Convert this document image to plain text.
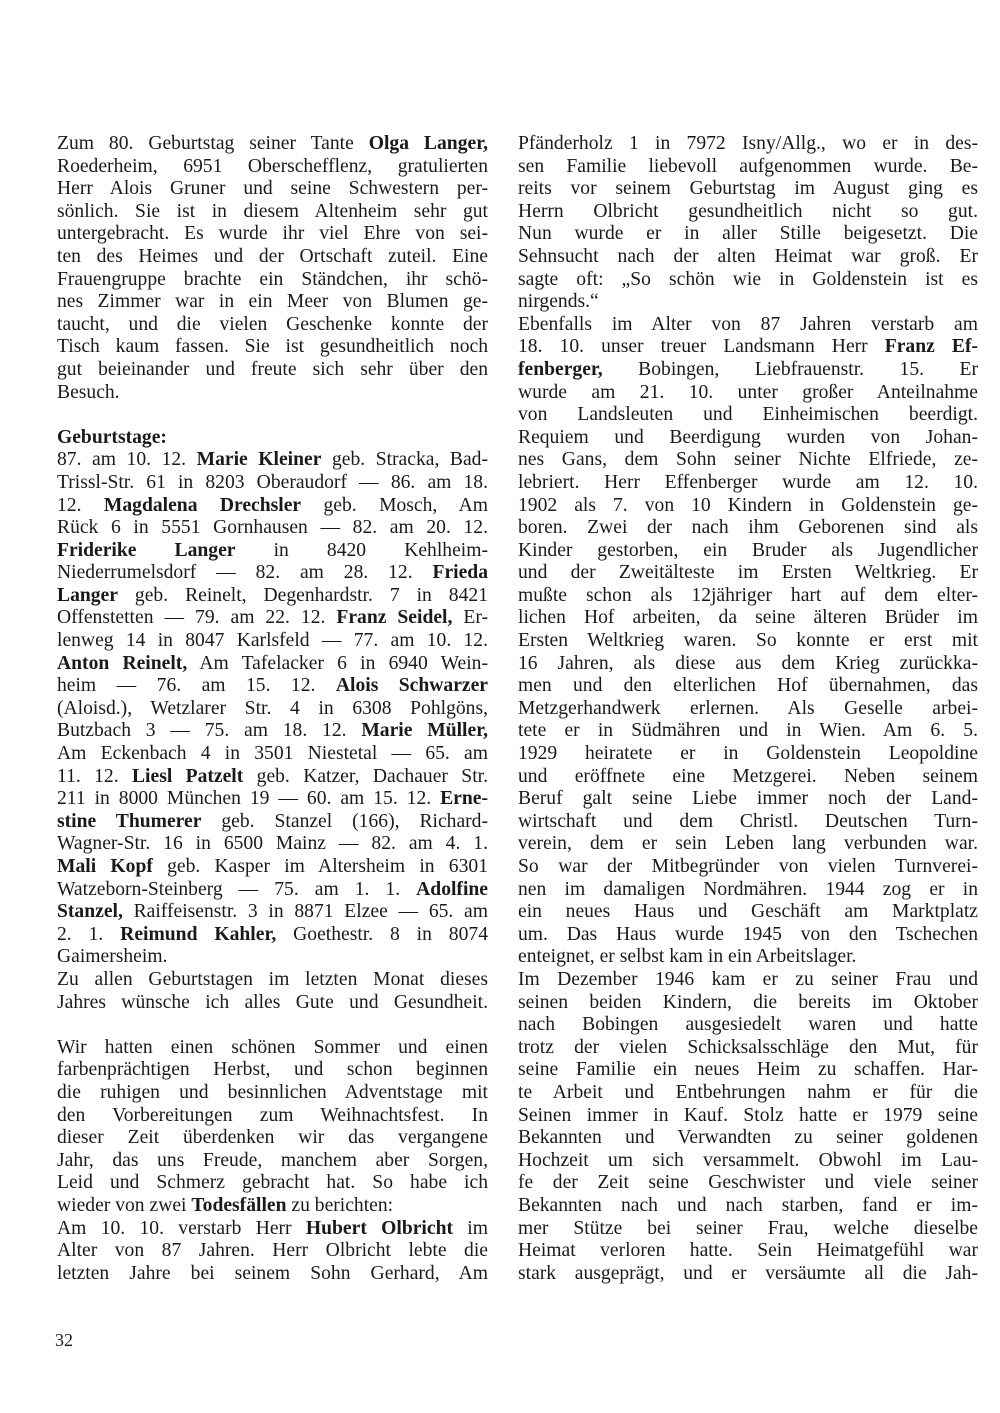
Zum 80. Geburtstag seiner Tante Olga Langer,
Roederheim, 6951 Oberschefflenz, gratulierten
Herr Alois Gruner und seine Schwestern per-
sönlich. Sie ist in diesem Altenheim sehr gut
untergebracht. Es wurde ihr viel Ehre von sei-
ten des Heimes und der Ortschaft zuteil. Eine
Frauengruppe brachte ein Ständchen, ihr schö-
nes Zimmer war in ein Meer von Blumen ge-
taucht, und die vielen Geschenke konnte der
Tisch kaum fassen. Sie ist gesundheitlich noch
gut beieinander und freute sich sehr über den
Besuch.
Geburtstage:
87. am 10. 12. Marie Kleiner geb. Stracka, Bad-
Trissl-Str. 61 in 8203 Oberaudorf — 86. am 18.
12. Magdalena Drechsler geb. Mosch, Am
Rück 6 in 5551 Gornhausen — 82. am 20. 12.
Friderike Langer in 8420 Kehlheim-
Niederrumelsdorf — 82. am 28. 12. Frieda
Langer geb. Reinelt, Degenhardstr. 7 in 8421
Offenstetten — 79. am 22. 12. Franz Seidel, Er-
lenweg 14 in 8047 Karlsfeld — 77. am 10. 12.
Anton Reinelt, Am Tafelacker 6 in 6940 Wein-
heim — 76. am 15. 12. Alois Schwarzer
(Aloisd.), Wetzlarer Str. 4 in 6308 Pohlgöns,
Butzbach 3 — 75. am 18. 12. Marie Müller,
Am Eckenbach 4 in 3501 Niestetal — 65. am
11. 12. Liesl Patzelt geb. Katzer, Dachauer Str.
211 in 8000 München 19 — 60. am 15. 12. Erne-
stine Thumerer geb. Stanzel (166), Richard-
Wagner-Str. 16 in 6500 Mainz — 82. am 4. 1.
Mali Kopf geb. Kasper im Altersheim in 6301
Watzeborn-Steinberg — 75. am 1. 1. Adolfine
Stanzel, Raiffeisenstr. 3 in 8871 Elzee — 65. am
2. 1. Reimund Kahler, Goethestr. 8 in 8074
Gaimersheim.
Zu allen Geburtstagen im letzten Monat dieses
Jahres wünsche ich alles Gute und Gesundheit.
Wir hatten einen schönen Sommer und einen
farbenprächtigen Herbst, und schon beginnen
die ruhigen und besinnlichen Adventstage mit
den Vorbereitungen zum Weihnachtsfest. In
dieser Zeit überdenken wir das vergangene
Jahr, das uns Freude, manchem aber Sorgen,
Leid und Schmerz gebracht hat. So habe ich
wieder von zwei Todesfällen zu berichten:
Am 10. 10. verstarb Herr Hubert Olbricht im
Alter von 87 Jahren. Herr Olbricht lebte die
letzten Jahre bei seinem Sohn Gerhard, Am
Pfänderholz 1 in 7972 Isny/Allg., wo er in des-
sen Familie liebevoll aufgenommen wurde. Be-
reits vor seinem Geburtstag im August ging es
Herrn Olbricht gesundheitlich nicht so gut.
Nun wurde er in aller Stille beigesetzt. Die
Sehnsucht nach der alten Heimat war groß. Er
sagte oft: „So schön wie in Goldenstein ist es
nirgends.“
Ebenfalls im Alter von 87 Jahren verstarb am
18. 10. unser treuer Landsmann Herr Franz Ef-
fenberger, Bobingen, Liebfrauenstr. 15. Er
wurde am 21. 10. unter großer Anteilnahme
von Landsleuten und Einheimischen beerdigt.
Requiem und Beerdigung wurden von Johan-
nes Gans, dem Sohn seiner Nichte Elfriede, ze-
lebriert. Herr Effenberger wurde am 12. 10.
1902 als 7. von 10 Kindern in Goldenstein ge-
boren. Zwei der nach ihm Geborenen sind als
Kinder gestorben, ein Bruder als Jugendlicher
und der Zweitälteste im Ersten Weltkrieg. Er
mußte schon als 12jähriger hart auf dem elter-
lichen Hof arbeiten, da seine älteren Brüder im
Ersten Weltkrieg waren. So konnte er erst mit
16 Jahren, als diese aus dem Krieg zurückka-
men und den elterlichen Hof übernahmen, das
Metzgerhandwerk erlernen. Als Geselle arbei-
tete er in Südmähren und in Wien. Am 6. 5.
1929 heiratete er in Goldenstein Leopoldine
und eröffnete eine Metzgerei. Neben seinem
Beruf galt seine Liebe immer noch der Land-
wirtschaft und dem Christl. Deutschen Turn-
verein, dem er sein Leben lang verbunden war.
So war der Mitbegründer von vielen Turnverei-
nen im damaligen Nordmähren. 1944 zog er in
ein neues Haus und Geschäft am Marktplatz
um. Das Haus wurde 1945 von den Tschechen
enteignet, er selbst kam in ein Arbeitslager.
Im Dezember 1946 kam er zu seiner Frau und
seinen beiden Kindern, die bereits im Oktober
nach Bobingen ausgesiedelt waren und hatte
trotz der vielen Schicksalsschläge den Mut, für
seine Familie ein neues Heim zu schaffen. Har-
te Arbeit und Entbehrungen nahm er für die
Seinen immer in Kauf. Stolz hatte er 1979 seine
Bekannten und Verwandten zu seiner goldenen
Hochzeit um sich versammelt. Obwohl im Lau-
fe der Zeit seine Geschwister und viele seiner
Bekannten nach und nach starben, fand er im-
mer Stütze bei seiner Frau, welche dieselbe
Heimat verloren hatte. Sein Heimatgefühl war
stark ausgeprägt, und er versäumte all die Jah-
32
